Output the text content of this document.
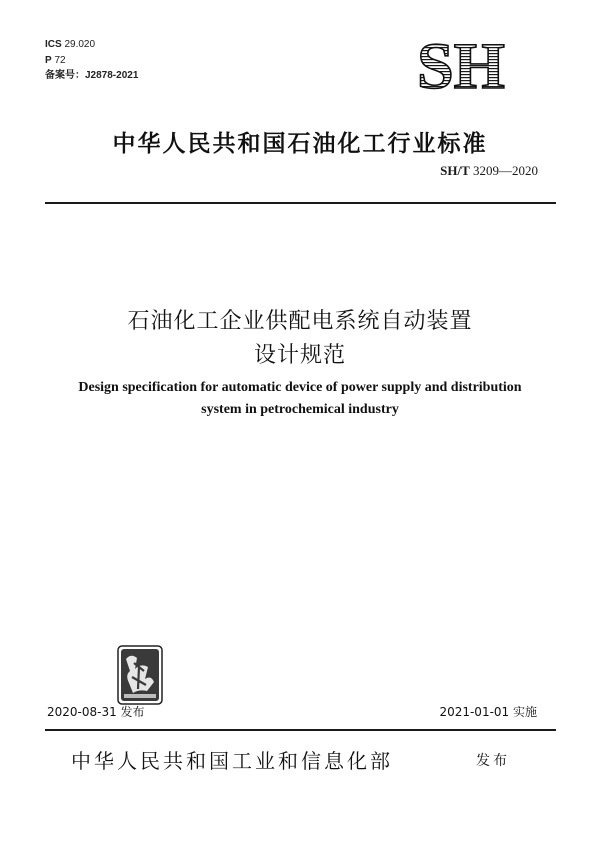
ICS 29.020
P 72
备案号：J2878-2021	SH
中华人民共和国石油化工行业标准
SH/T 3209—2020
石油化工企业供配电系统自动装置
设计规范
Design specification for automatic device of power supply and distribution
system in petrochemical industry
2020-08-31 发布	2021-01-01 实施
中华人民共和国工业和信息化部	发布
